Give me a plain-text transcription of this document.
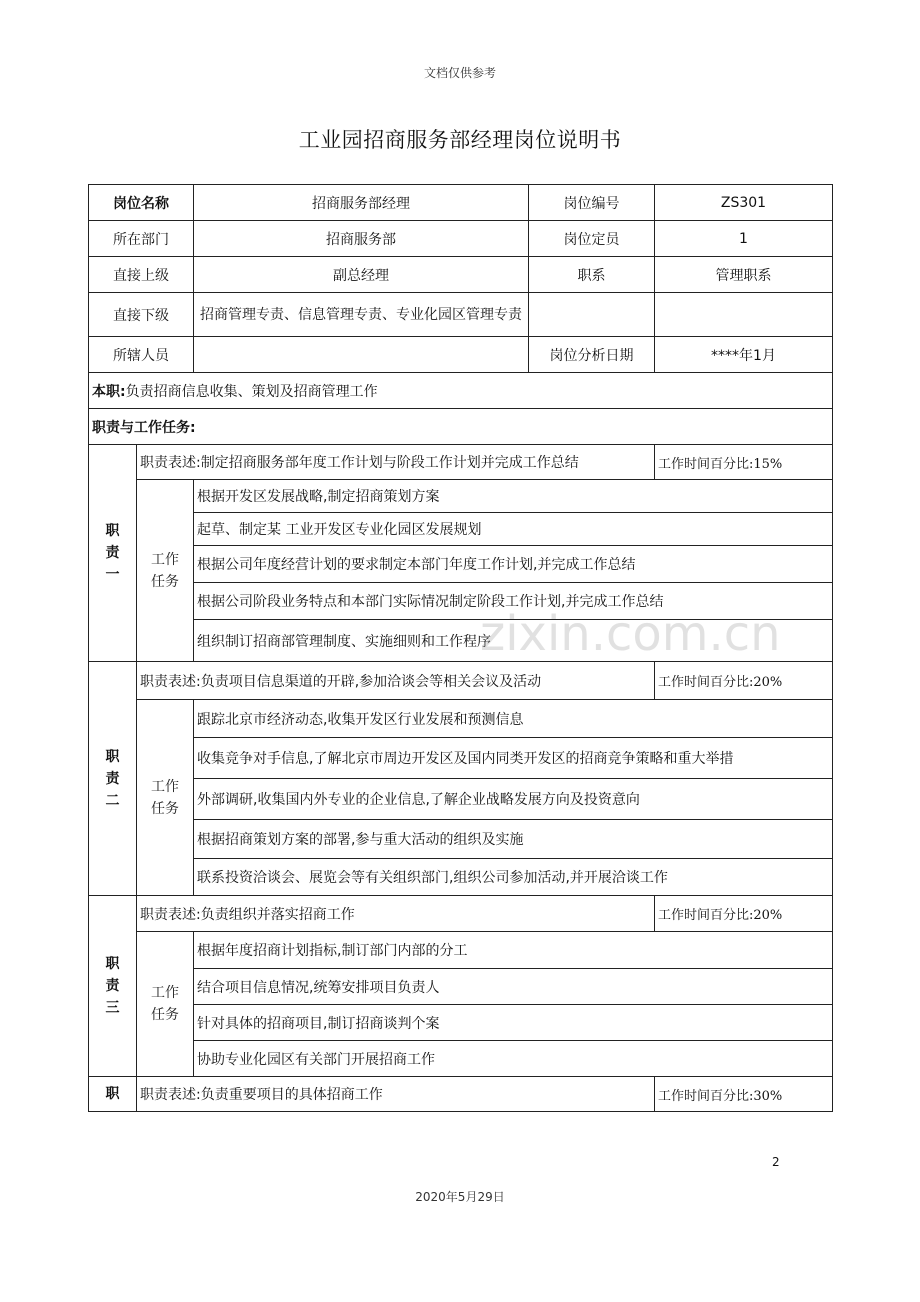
文档仅供参考
工业园招商服务部经理岗位说明书
岗位名称		招商服务部经理	岗位编号	ZS301
所在部门		招商服务部	岗位定员	1
直接上级		副总经理	职系	管理职系
直接下级		招商管理专责、信息管理专责、专业化园区管理专责		
所辖人员			岗位分析日期	****年1月
本职:负责招商信息收集、策划及招商管理工作				
职责与工作任务:				
职责一	职责表述:制定招商服务部年度工作计划与阶段工作计划并完成工作总结			工作时间百分比:15%
	工作任务	根据开发区发展战略,制定招商策划方案		
		起草、制定某 工业开发区专业化园区发展规划		
		根据公司年度经营计划的要求制定本部门年度工作计划,并完成工作总结		
		根据公司阶段业务特点和本部门实际情况制定阶段工作计划,并完成工作总结		
		组织制订招商部管理制度、实施细则和工作程序		
职责二	职责表述:负责项目信息渠道的开辟,参加洽谈会等相关会议及活动			工作时间百分比:20%
	工作任务	跟踪北京市经济动态,收集开发区行业发展和预测信息		
		收集竞争对手信息,了解北京市周边开发区及国内同类开发区的招商竞争策略和重大举措		
		外部调研,收集国内外专业的企业信息,了解企业战略发展方向及投资意向		
		根据招商策划方案的部署,参与重大活动的组织及实施		
		联系投资洽谈会、展览会等有关组织部门,组织公司参加活动,并开展洽谈工作		
职责三	职责表述:负责组织并落实招商工作			工作时间百分比:20%
	工作任务	根据年度招商计划指标,制订部门内部的分工		
		结合项目信息情况,统筹安排项目负责人		
		针对具体的招商项目,制订招商谈判个案		
		协助专业化园区有关部门开展招商工作		
职	职责表述:负责重要项目的具体招商工作			工作时间百分比:30%
zixin.com.cn
2
2020年5月29日
